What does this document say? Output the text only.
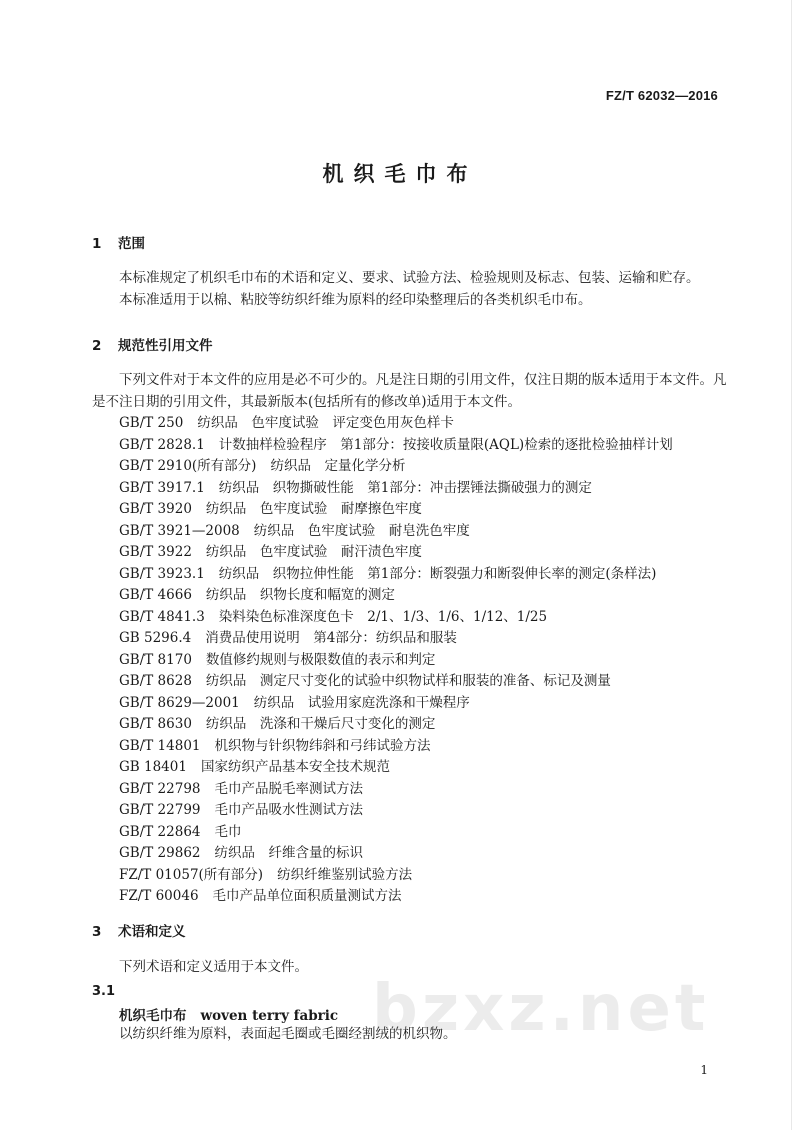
FZ/T 62032—2016
机织毛巾布
1 范围
本标准规定了机织毛巾布的术语和定义、要求、试验方法、检验规则及标志、包装、运输和贮存。
本标准适用于以棉、粘胶等纺织纤维为原料的经印染整理后的各类机织毛巾布。
2 规范性引用文件
下列文件对于本文件的应用是必不可少的。凡是注日期的引用文件，仅注日期的版本适用于本文件。凡是不注日期的引用文件，其最新版本(包括所有的修改单)适用于本文件。
GB/T 250 纺织品　色牢度试验　评定变色用灰色样卡
GB/T 2828.1 计数抽样检验程序　第1部分：按接收质量限(AQL)检索的逐批检验抽样计划
GB/T 2910(所有部分) 纺织品　定量化学分析
GB/T 3917.1 纺织品　织物撕破性能　第1部分：冲击摆锤法撕破强力的测定
GB/T 3920 纺织品　色牢度试验　耐摩擦色牢度
GB/T 3921—2008 纺织品　色牢度试验　耐皂洗色牢度
GB/T 3922 纺织品　色牢度试验　耐汗渍色牢度
GB/T 3923.1 纺织品　织物拉伸性能　第1部分：断裂强力和断裂伸长率的测定(条样法)
GB/T 4666 纺织品　织物长度和幅宽的测定
GB/T 4841.3 染料染色标准深度色卡　2/1、1/3、1/6、1/12、1/25
GB 5296.4 消费品使用说明　第4部分：纺织品和服装
GB/T 8170 数值修约规则与极限数值的表示和判定
GB/T 8628 纺织品　测定尺寸变化的试验中织物试样和服装的准备、标记及测量
GB/T 8629—2001 纺织品　试验用家庭洗涤和干燥程序
GB/T 8630 纺织品　洗涤和干燥后尺寸变化的测定
GB/T 14801 机织物与针织物纬斜和弓纬试验方法
GB 18401 国家纺织产品基本安全技术规范
GB/T 22798 毛巾产品脱毛率测试方法
GB/T 22799 毛巾产品吸水性测试方法
GB/T 22864 毛巾
GB/T 29862 纺织品　纤维含量的标识
FZ/T 01057(所有部分) 纺织纤维鉴别试验方法
FZ/T 60046 毛巾产品单位面积质量测试方法
3 术语和定义
下列术语和定义适用于本文件。
3.1
机织毛巾布 woven terry fabric
以纺织纤维为原料，表面起毛圈或毛圈经割绒的机织物。
bzxz.net
1
